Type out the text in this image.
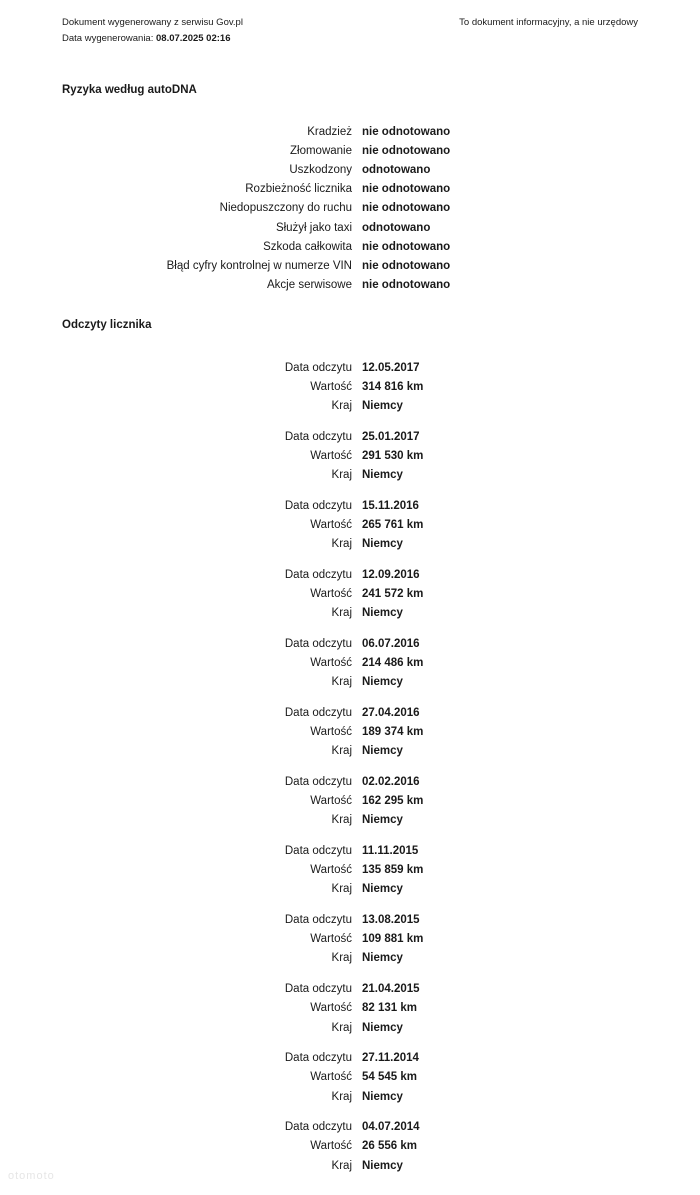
Dokument wygenerowany z serwisu Gov.pl
Data wygenerowania: 08.07.2025 02:16
To dokument informacyjny, a nie urzędowy
Ryzyka według autoDNA
Kradzież nie odnotowano
Złomowanie nie odnotowano
Uszkodzony odnotowano
Rozbieżność licznika nie odnotowano
Niedopuszczony do ruchu nie odnotowano
Służył jako taxi odnotowano
Szkoda całkowita nie odnotowano
Błąd cyfry kontrolnej w numerze VIN nie odnotowano
Akcje serwisowe nie odnotowano
Odczyty licznika
Data odczytu 12.05.2017
Wartość 314 816 km
Kraj Niemcy
Data odczytu 25.01.2017
Wartość 291 530 km
Kraj Niemcy
Data odczytu 15.11.2016
Wartość 265 761 km
Kraj Niemcy
Data odczytu 12.09.2016
Wartość 241 572 km
Kraj Niemcy
Data odczytu 06.07.2016
Wartość 214 486 km
Kraj Niemcy
Data odczytu 27.04.2016
Wartość 189 374 km
Kraj Niemcy
Data odczytu 02.02.2016
Wartość 162 295 km
Kraj Niemcy
Data odczytu 11.11.2015
Wartość 135 859 km
Kraj Niemcy
Data odczytu 13.08.2015
Wartość 109 881 km
Kraj Niemcy
Data odczytu 21.04.2015
Wartość 82 131 km
Kraj Niemcy
Data odczytu 27.11.2014
Wartość 54 545 km
Kraj Niemcy
Data odczytu 04.07.2014
Wartość 26 556 km
Kraj Niemcy
otomoto
